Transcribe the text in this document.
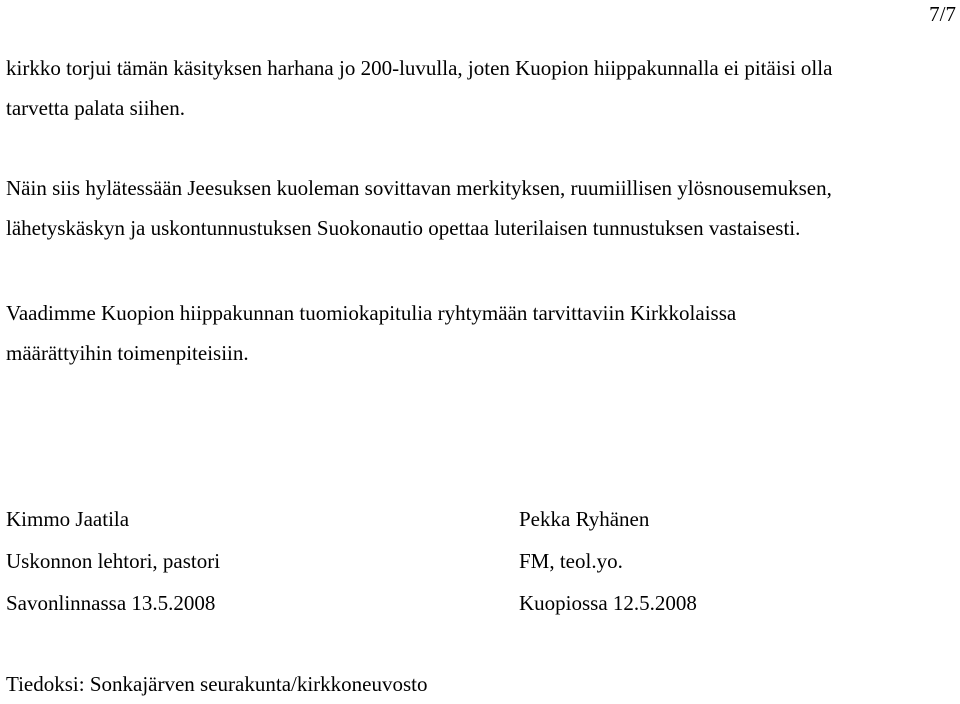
7/7

kirkko torjui tämän käsityksen harhana jo 200-luvulla, joten Kuopion hiippakunnalla ei pitäisi olla
tarvetta palata siihen.

Näin siis hylätessään Jeesuksen kuoleman sovittavan merkityksen, ruumiillisen ylösnousemuksen,
lähetyskäskyn ja uskontunnustuksen Suokonautio opettaa luterilaisen tunnustuksen vastaisesti.

Vaadimme Kuopion hiippakunnan tuomiokapitulia ryhtymään tarvittaviin Kirkkolaissa
määrättyihin toimenpiteisiin.

Kimmo Jaatila
Uskonnon lehtori, pastori
Savonlinnassa 13.5.2008
Pekka Ryhänen
FM, teol.yo.
Kuopiossa 12.5.2008
Tiedoksi: Sonkajärven seurakunta/kirkkoneuvosto
